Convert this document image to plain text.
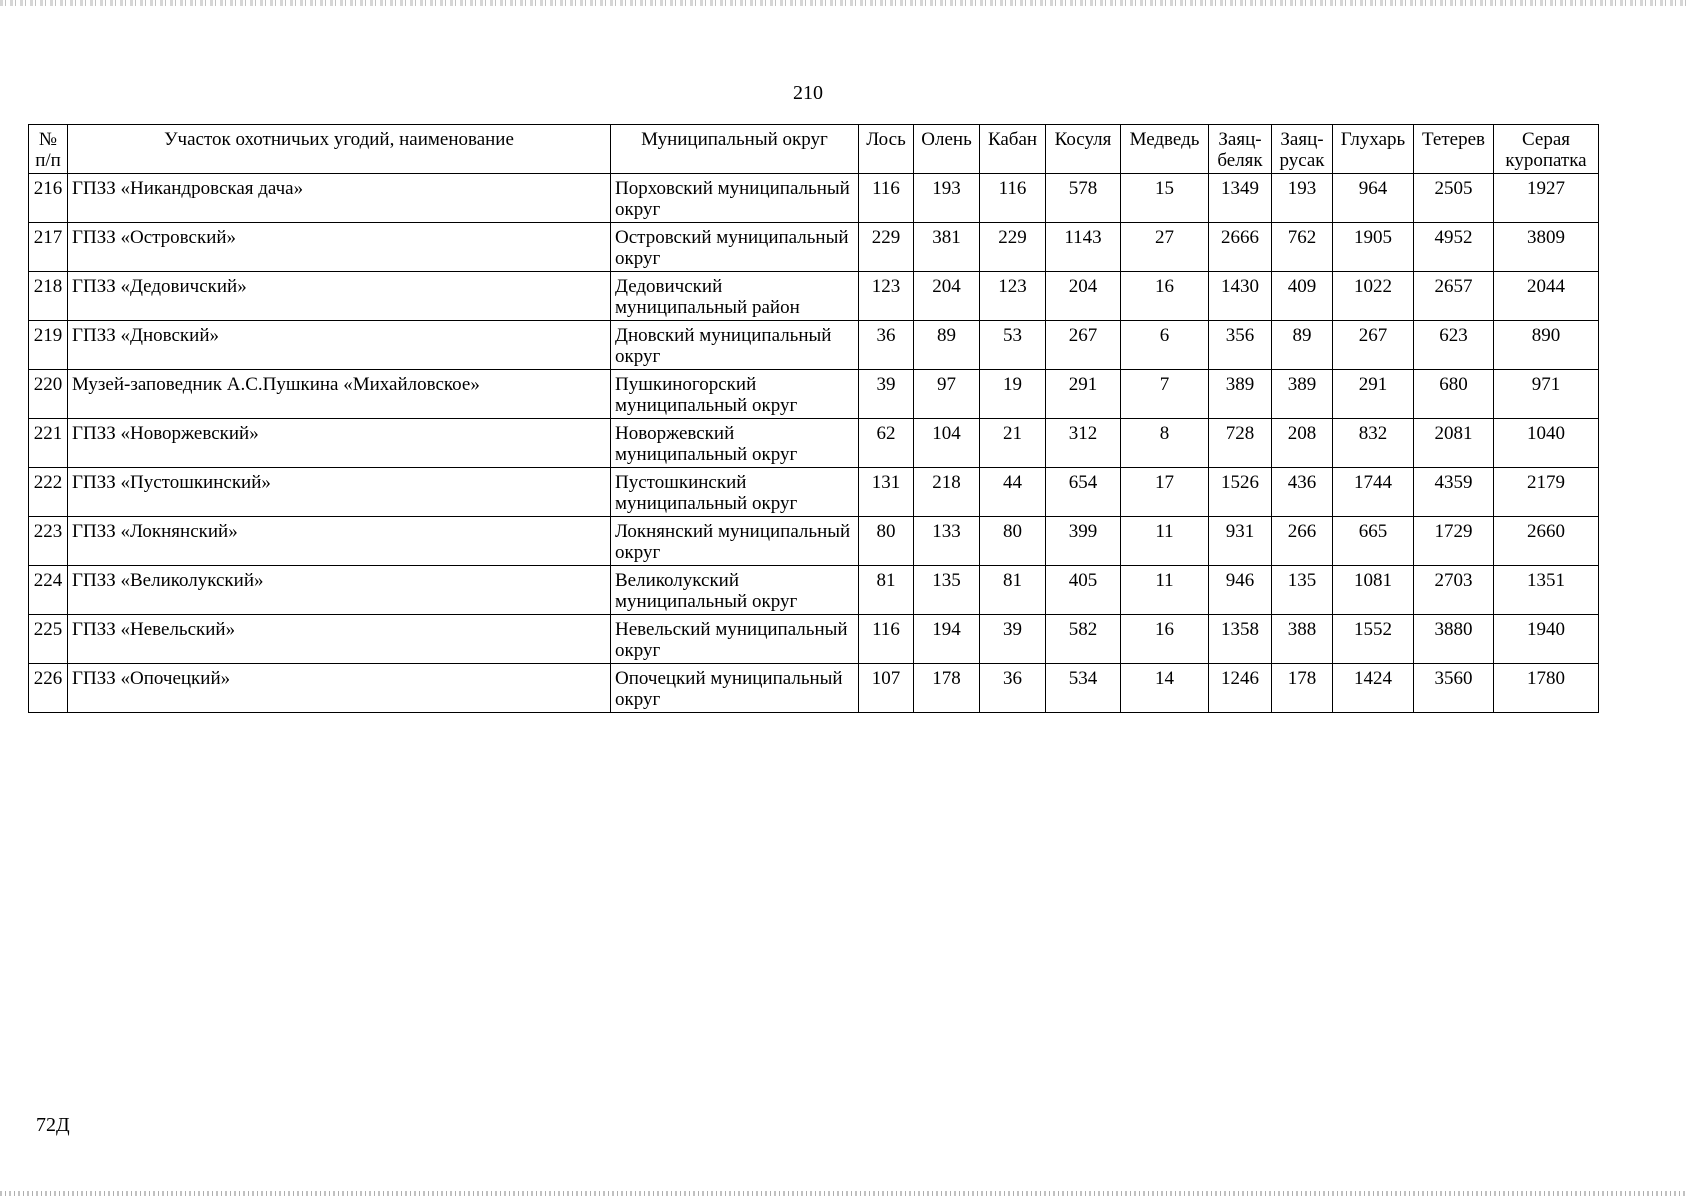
210
№ п/п	Участок охотничьих угодий, наименование	Муниципальный округ	Лось	Олень	Кабан	Косуля	Медведь	Заяц-беляк	Заяц-русак	Глухарь	Тетерев	Серая куропатка
216	ГПЗЗ «Никандровская дача»	Порховский муниципальный округ	116	193	116	578	15	1349	193	964	2505	1927
217	ГПЗЗ «Островский»	Островский муниципальный округ	229	381	229	1143	27	2666	762	1905	4952	3809
218	ГПЗЗ «Дедовичский»	Дедовичский муниципальный район	123	204	123	204	16	1430	409	1022	2657	2044
219	ГПЗЗ «Дновский»	Дновский муниципальный округ	36	89	53	267	6	356	89	267	623	890
220	Музей-заповедник А.С.Пушкина «Михайловское»	Пушкиногорский муниципальный округ	39	97	19	291	7	389	389	291	680	971
221	ГПЗЗ «Новоржевский»	Новоржевский муниципальный округ	62	104	21	312	8	728	208	832	2081	1040
222	ГПЗЗ «Пустошкинский»	Пустошкинский муниципальный округ	131	218	44	654	17	1526	436	1744	4359	2179
223	ГПЗЗ «Локнянский»	Локнянский муниципальный округ	80	133	80	399	11	931	266	665	1729	2660
224	ГПЗЗ «Великолукский»	Великолукский муниципальный округ	81	135	81	405	11	946	135	1081	2703	1351
225	ГПЗЗ «Невельский»	Невельский муниципальный округ	116	194	39	582	16	1358	388	1552	3880	1940
226	ГПЗЗ «Опочецкий»	Опочецкий муниципальный округ	107	178	36	534	14	1246	178	1424	3560	1780
72Д
